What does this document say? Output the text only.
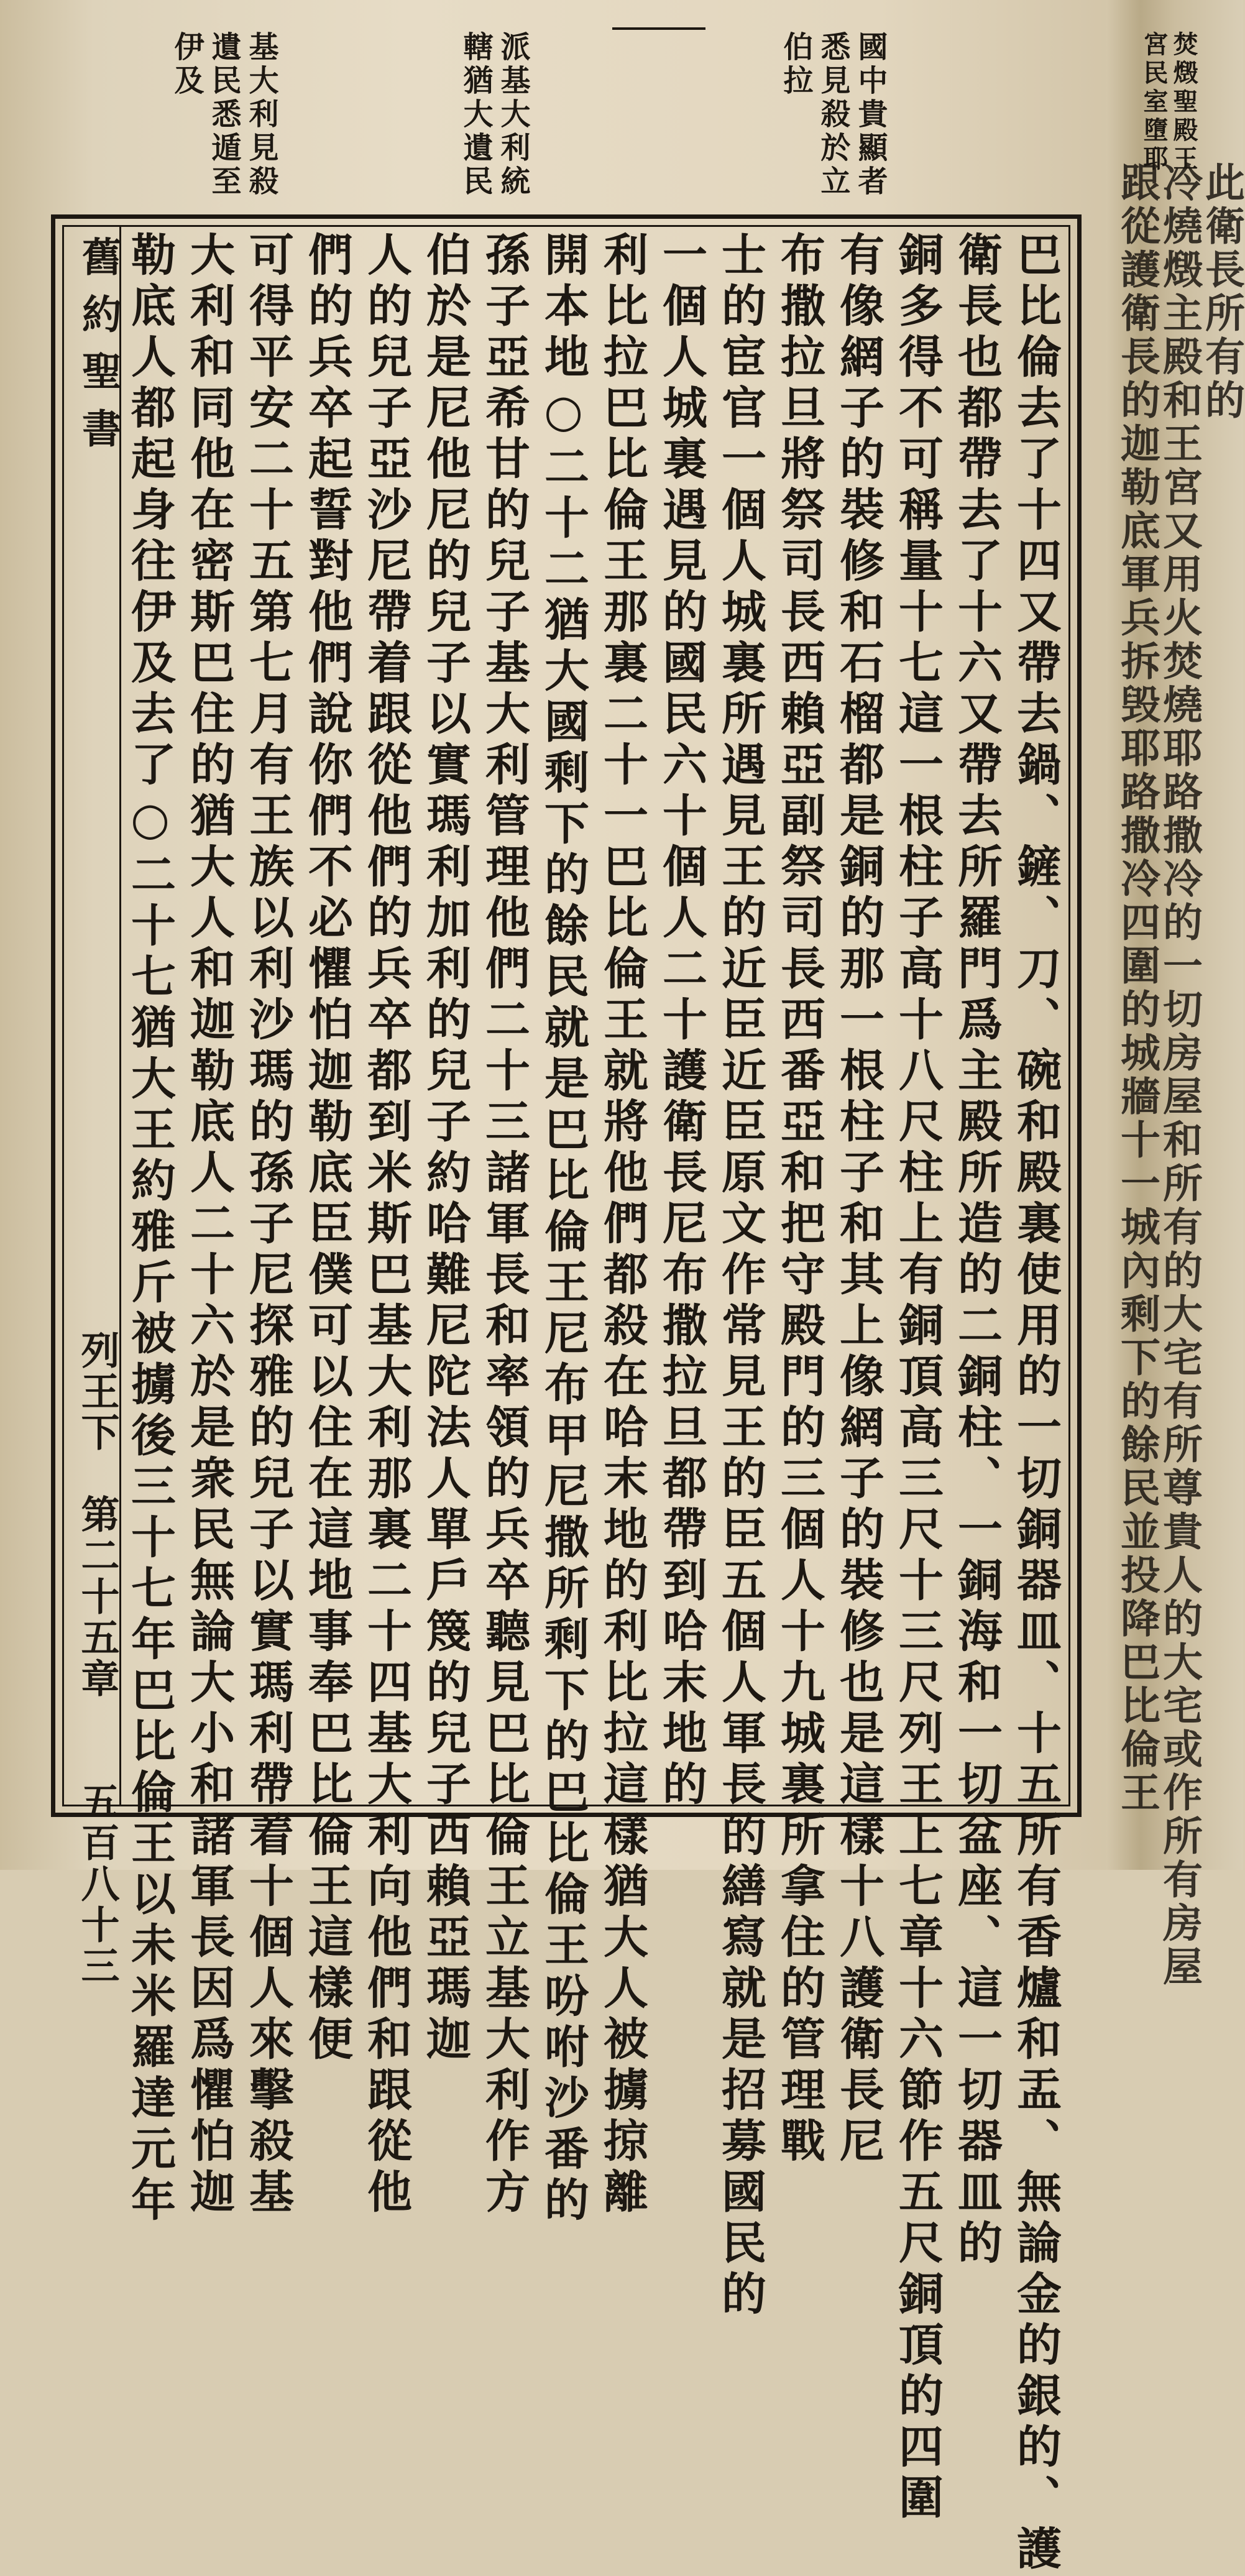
此衛長所有的
冷燒燬主殿和王宮又用火焚燒耶路撒冷的一切房屋和所有的大宅有所尊貴人的大宅或作所有房屋
跟從護衛長的迦勒底軍兵拆毁耶路撒冷四圍的城牆十一城內剩下的餘民並投降巴比倫王

焚燬聖殿王

宮民室墮耶

國中貴顯者
悉見殺於立
伯拉
派基大利統
轄猶大遺民
基大利見殺
遺民悉遁至
伊及
舊約聖書
列王下　第二十五章　　五百八十三	巴比倫去了十四又帶去鍋、鏟、刀、碗和殿裏使用的一切銅器皿、十五所有香爐和盂、無論金的銀的、護
衛長也都帶去了十六又帶去所羅門爲主殿所造的二銅柱、一銅海和一切盆座、這一切器皿的
銅多得不可稱量十七這一根柱子高十八尺柱上有銅頂高三尺十三尺列王上七章十六節作五尺銅頂的四圍
有像網子的裝修和石榴都是銅的那一根柱子和其上像網子的裝修也是這樣十八護衛長尼
布撒拉旦將祭司長西賴亞副祭司長西番亞和把守殿門的三個人十九城裏所拿住的管理戰
士的宦官一個人城裏所遇見王的近臣近臣原文作常見王的臣五個人軍長的繕寫就是招募國民的
一個人城裏遇見的國民六十個人二十護衛長尼布撒拉旦都帶到哈末地的
利比拉巴比倫王那裏二十一巴比倫王就將他們都殺在哈末地的利比拉這樣猶大人被擄掠離
開本地○二十二猶大國剩下的餘民就是巴比倫王尼布甲尼撒所剩下的巴比倫王吩咐沙番的
孫子亞希甘的兒子基大利管理他們二十三諸軍長和率領的兵卒聽見巴比倫王立基大利作方
伯於是尼他尼的兒子以實瑪利加利的兒子約哈難尼陀法人單戶篾的兒子西賴亞瑪迦
人的兒子亞沙尼帶着跟從他們的兵卒都到米斯巴基大利那裏二十四基大利向他們和跟從他
們的兵卒起誓對他們說你們不必懼怕迦勒底臣僕可以住在這地事奉巴比倫王這樣便
可得平安二十五第七月有王族以利沙瑪的孫子尼探雅的兒子以實瑪利帶着十個人來擊殺基
大利和同他在密斯巴住的猶大人和迦勒底人二十六於是衆民無論大小和諸軍長因爲懼怕迦
勒底人都起身往伊及去了○二十七猶大王約雅斤被擄後三十七年巴比倫王以未米羅達元年
